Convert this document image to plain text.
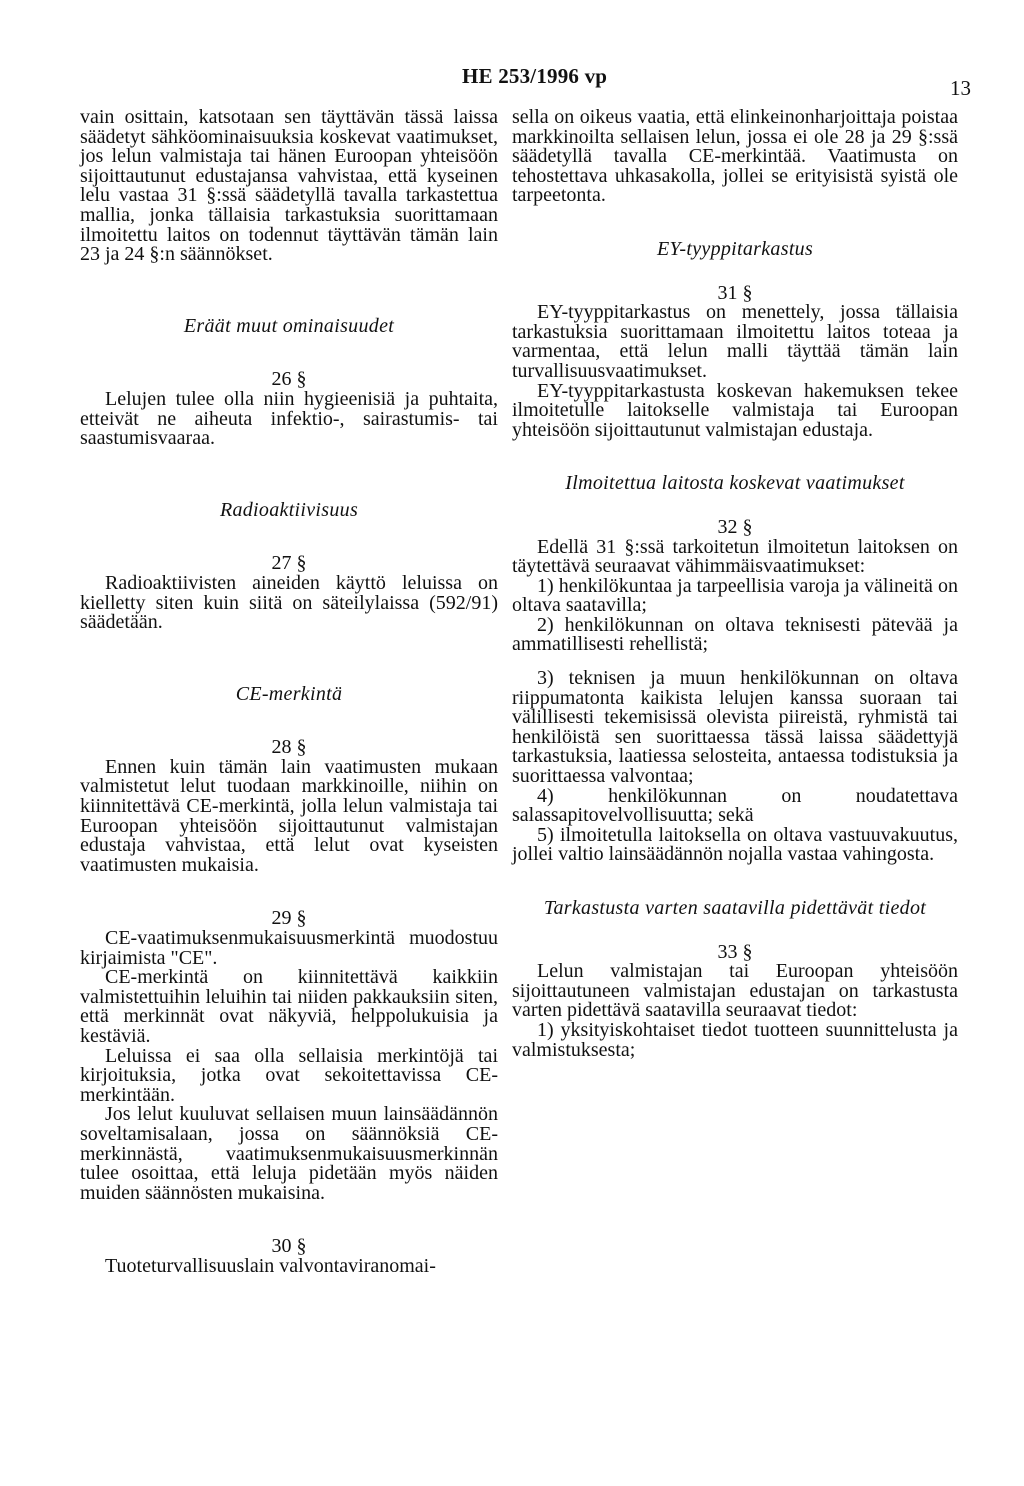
HE 253/1996 vp	13

vain osittain, katsotaan sen täyttävän tässä laissa säädetyt sähköominaisuuksia koskevat vaatimukset, jos lelun valmistaja tai hänen Euroopan yhteisöön sijoittautunut edustajansa vahvistaa, että kyseinen lelu vastaa 31 §:ssä säädetyllä tavalla tarkastettua mallia, jonka tällaisia tarkastuksia suorittamaan ilmoitettu laitos on todennut täyttävän tämän lain 23 ja 24 §:n säännökset.

Eräät muut ominaisuudet

26 §

Lelujen tulee olla niin hygieenisiä ja puhtaita, etteivät ne aiheuta infektio-, sairastumis- tai saastumisvaaraa.

Radioaktiivisuus

27 §

Radioaktiivisten aineiden käyttö leluissa on kielletty siten kuin siitä on säteilylaissa (592/91) säädetään.

CE-merkintä

28 §

Ennen kuin tämän lain vaatimusten mukaan valmistetut lelut tuodaan markkinoille, niihin on kiinnitettävä CE-merkintä, jolla lelun valmistaja tai Euroopan yhteisöön sijoittautunut valmistajan edustaja vahvistaa, että lelut ovat kyseisten vaatimusten mukaisia.

29 §

CE-vaatimuksenmukaisuusmerkintä muodostuu kirjaimista "CE".

CE-merkintä on kiinnitettävä kaikkiin valmistettuihin leluihin tai niiden pakkauksiin siten, että merkinnät ovat näkyviä, helppolukuisia ja kestäviä.

Leluissa ei saa olla sellaisia merkintöjä tai kirjoituksia, jotka ovat sekoitettavissa CE-merkintään.

Jos lelut kuuluvat sellaisen muun lainsäädännön soveltamisalaan, jossa on säännöksiä CE-merkinnästä, vaatimuksenmukaisuusmerkinnän tulee osoittaa, että leluja pidetään myös näiden muiden säännösten mukaisina.

30 §

Tuoteturvallisuuslain valvontaviranomai-

sella on oikeus vaatia, että elinkeinonharjoittaja poistaa markkinoilta sellaisen lelun, jossa ei ole 28 ja 29 §:ssä säädetyllä tavalla CE-merkintää. Vaatimusta on tehostettava uhkasakolla, jollei se erityisistä syistä ole tarpeetonta.

EY-tyyppitarkastus

31 §

EY-tyyppitarkastus on menettely, jossa tällaisia tarkastuksia suorittamaan ilmoitettu laitos toteaa ja varmentaa, että lelun malli täyttää tämän lain turvallisuusvaatimukset.

EY-tyyppitarkastusta koskevan hakemuksen tekee ilmoitetulle laitokselle valmistaja tai Euroopan yhteisöön sijoittautunut valmistajan edustaja.

Ilmoitettua laitosta koskevat vaatimukset

32 §

Edellä 31 §:ssä tarkoitetun ilmoitetun laitoksen on täytettävä seuraavat vähimmäisvaatimukset:

1) henkilökuntaa ja tarpeellisia varoja ja välineitä on oltava saatavilla;

2) henkilökunnan on oltava teknisesti pätevää ja ammatillisesti rehellistä;

3) teknisen ja muun henkilökunnan on oltava riippumatonta kaikista lelujen kanssa suoraan tai välillisesti tekemisissä olevista piireistä, ryhmistä tai henkilöistä sen suorittaessa tässä laissa säädettyjä tarkastuksia, laatiessa selosteita, antaessa todistuksia ja suorittaessa valvontaa;

4) henkilökunnan on noudatettava salassapitovelvollisuutta; sekä

5) ilmoitetulla laitoksella on oltava vastuuvakuutus, jollei valtio lainsäädännön nojalla vastaa vahingosta.

Tarkastusta varten saatavilla pidettävät tiedot

33 §

Lelun valmistajan tai Euroopan yhteisöön sijoittautuneen valmistajan edustajan on tarkastusta varten pidettävä saatavilla seuraavat tiedot:

1) yksityiskohtaiset tiedot tuotteen suunnittelusta ja valmistuksesta;
